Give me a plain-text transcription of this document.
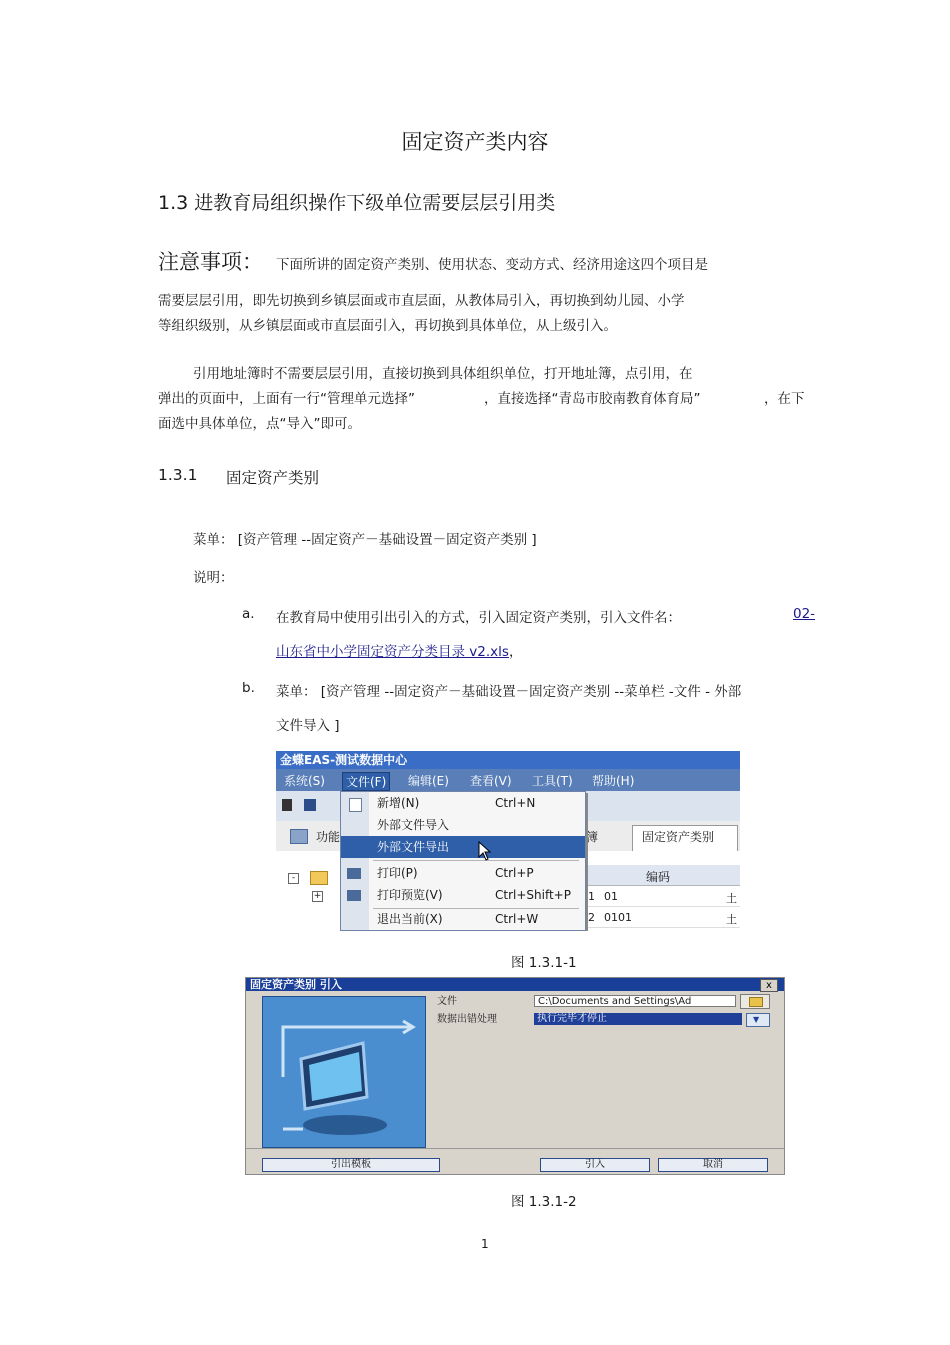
固定资产类内容
1.3 进教育局组织操作下级单位需要层层引用类
注意事项： 下面所讲的固定资产类别、使用状态、变动方式、经济用途这四个项目是
需要层层引用，即先切换到乡镇层面或市直层面，从教体局引入，再切换到幼儿园、小学
等组织级别，从乡镇层面或市直层面引入，再切换到具体单位，从上级引入。
引用地址簿时不需要层层引用，直接切换到具体组织单位，打开地址簿，点引用，在
弹出的页面中，上面有一行“管理单元选择”	，直接选择“青岛市胶南教育体育局”	，在下
面选中具体单位，点“导入”即可。
1.3.1 固定资产类别
菜单： [资产管理 --固定资产－基础设置－固定资产类别 ]
说明：
a. 在教育局中使用引出引入的方式，引入固定资产类别，引入文件名：	02-
山东省中小学固定资产分类目录 v2.xls，
b. 菜单： [资产管理 --固定资产－基础设置－固定资产类别 --菜单栏 -文件 - 外部
文件导入 ]
金蝶EAS-测试数据中心
系统(S)	文件(F)	编辑(E) 查看(V) 工具(T) 帮助(H)
功能	簿	固定资产类别
-
+
编码
1 01	土
2 0101	土
新增(N)	Ctrl+N
外部文件导入
外部文件导出
打印(P)	Ctrl+P
打印预览(V)	Ctrl+Shift+P
退出当前(X)	Ctrl+W
图 1.3.1-1
固定资产类别 引入	x
文件	C:\Documents and Settings\Ad
数据出错处理	执行完毕才停止	▼
引出模板	引入	取消
图 1.3.1-2
1
